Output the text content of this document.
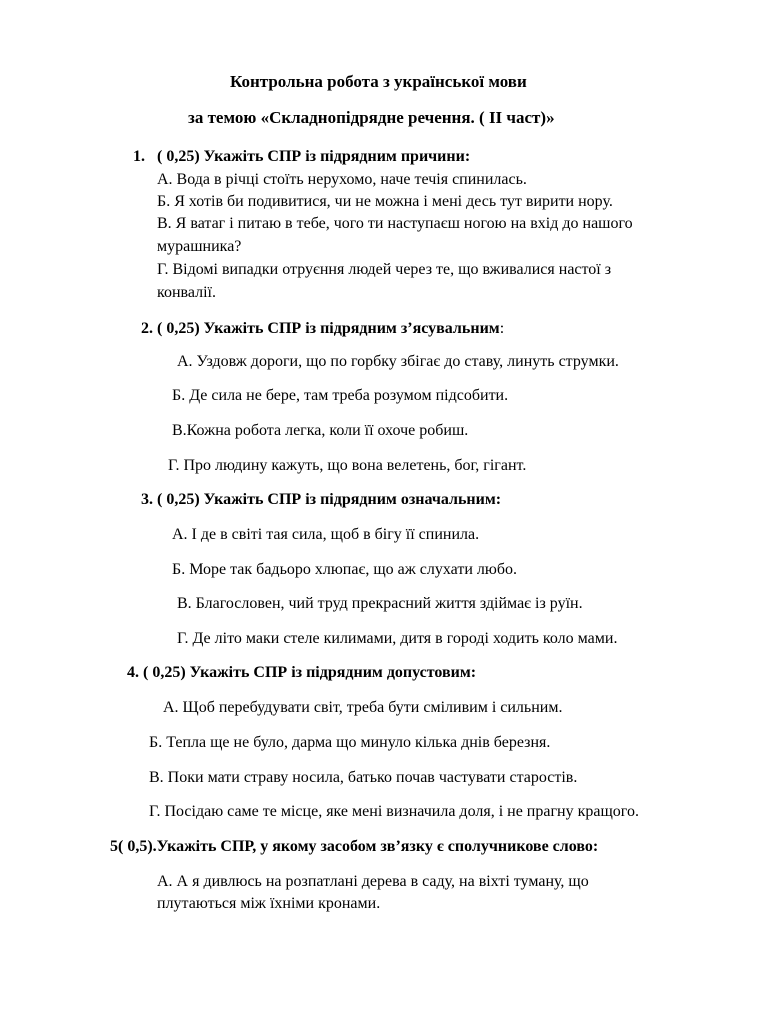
Контрольна робота з української мови
за темою «Складнопідрядне речення. ( ІІ част)»
1. ( 0,25) Укажіть СПР із підрядним причини:
А. Вода в річці стоїть нерухомо, наче течія спинилась.
Б. Я хотів би подивитися, чи не можна і мені десь тут вирити нору.
В. Я ватаг і питаю в тебе, чого ти наступаєш ногою на вхід до нашого
мурашника?
Г. Відомі випадки отруєння людей через те, що вживалися настої з
конвалії.
2. ( 0,25) Укажіть СПР із підрядним з’ясувальним:
А. Уздовж дороги, що по горбку збігає до ставу, линуть струмки.
Б. Де сила не бере, там треба розумом підсобити.
В.Кожна робота легка, коли її охоче робиш.
Г. Про людину кажуть, що вона велетень, бог, гігант.
3. ( 0,25) Укажіть СПР із підрядним означальним:
А. І де в світі тая сила, щоб в бігу її спинила.
Б. Море так бадьоро хлюпає, що аж слухати любо.
В. Благословен, чий труд прекрасний життя здіймає із руїн.
Г. Де літо маки стеле килимами, дитя в городі ходить коло мами.
4. ( 0,25) Укажіть СПР із підрядним допустовим:
А. Щоб перебудувати світ, треба бути сміливим і сильним.
Б. Тепла ще не було, дарма що минуло кілька днів березня.
В. Поки мати страву носила, батько почав частувати старостів.
Г. Посідаю саме те місце, яке мені визначила доля, і не прагну кращого.
5( 0,5).Укажіть СПР, у якому засобом зв’язку є сполучникове слово:
А. А я дивлюсь на розпатлані дерева в саду, на віхті туману, що
плутаються між їхніми кронами.
